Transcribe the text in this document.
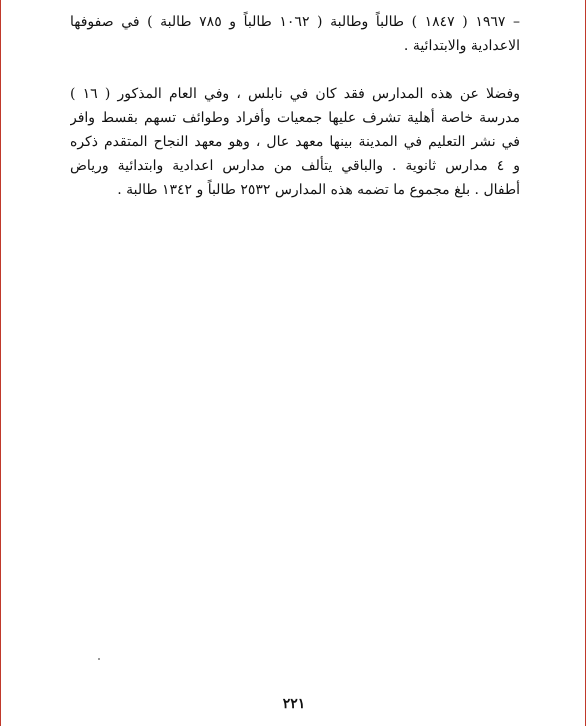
– ١٩٦٧ ( ١٨٤٧ ) طالباً وطالبة ( ١٠٦٢ طالباً و ٧٨٥ طالبة ) في صفوفها
الاعدادية والابتدائية .
وفضلا عن هذه المدارس فقد كان في نابلس ، وفي العام المذكور ( ١٦ )
مدرسة خاصة أهلية تشرف عليها جمعيات وأفراد وطوائف تسهم بقسط وافر
في نشر التعليم في المدينة بينها معهد عال ، وهو معهد النجاح المتقدم ذكره
و ٤ مدارس ثانوية . والباقي يتألف من مدارس اعدادية وابتدائية ورياض
أطفال . بلغ مجموع ما تضمه هذه المدارس ٢٥٣٢ طالباً و ١٣٤٢ طالبة .
٢٢١
